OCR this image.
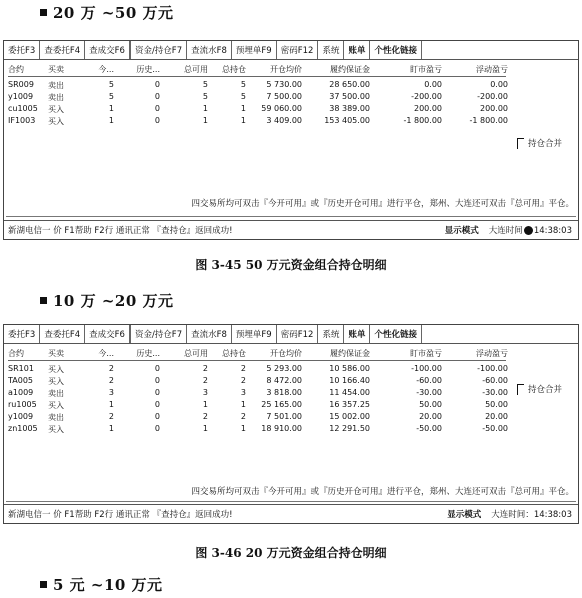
20 万 ~50 万元
委托F3	查委托F4	查成交F6	资金/持仓F7	查流水F8	预埋单F9	密码F12	系统	账单	个性化链接
合约	买卖	今...	历史...	总可用	总持仓	开仓均价	履约保证金	盯市盈亏	浮动盈亏
SR009	卖出	5	0	5	5	5 730.00	28 650.00	0.00	0.00
y1009	卖出	5	0	5	5	7 500.00	37 500.00	-200.00	-200.00
cu1005	买入	1	0	1	1	59 060.00	38 389.00	200.00	200.00
IF1003	买入	1	0	1	1	3 409.00	153 405.00	-1 800.00	-1 800.00
持仓合并
四交易所均可双击『今开可用』或『历史开仓可用』进行平仓，郑州、大连还可双击『总可用』平仓。
新湖电信一 价 F1帮助 F2行 通讯正常 『查持仓』返回成功!	显示模式 大连时间 14:38:03
图 3-45 50 万元资金组合持仓明细
10 万 ~20 万元
委托F3	查委托F4	查成交F6	资金/持仓F7	查流水F8	预埋单F9	密码F12	系统	账单	个性化链接
合约	买卖	今...	历史...	总可用	总持仓	开仓均价	履约保证金	盯市盈亏	浮动盈亏
SR101	买入	2	0	2	2	5 293.00	10 586.00	-100.00	-100.00
TA005	买入	2	0	2	2	8 472.00	10 166.40	-60.00	-60.00
a1009	卖出	3	0	3	3	3 818.00	11 454.00	-30.00	-30.00
ru1005	买入	1	0	1	1	25 165.00	16 357.25	50.00	50.00
y1009	卖出	2	0	2	2	7 501.00	15 002.00	20.00	20.00
zn1005	买入	1	0	1	1	18 910.00	12 291.50	-50.00	-50.00
持仓合并
四交易所均可双击『今开可用』或『历史开仓可用』进行平仓，郑州、大连还可双击『总可用』平仓。
新湖电信一 价 F1帮助 F2行 通讯正常 『查持仓』返回成功!	显示模式 大连时间：14:38:03
图 3-46 20 万元资金组合持仓明细
5 元 ~10 万元
